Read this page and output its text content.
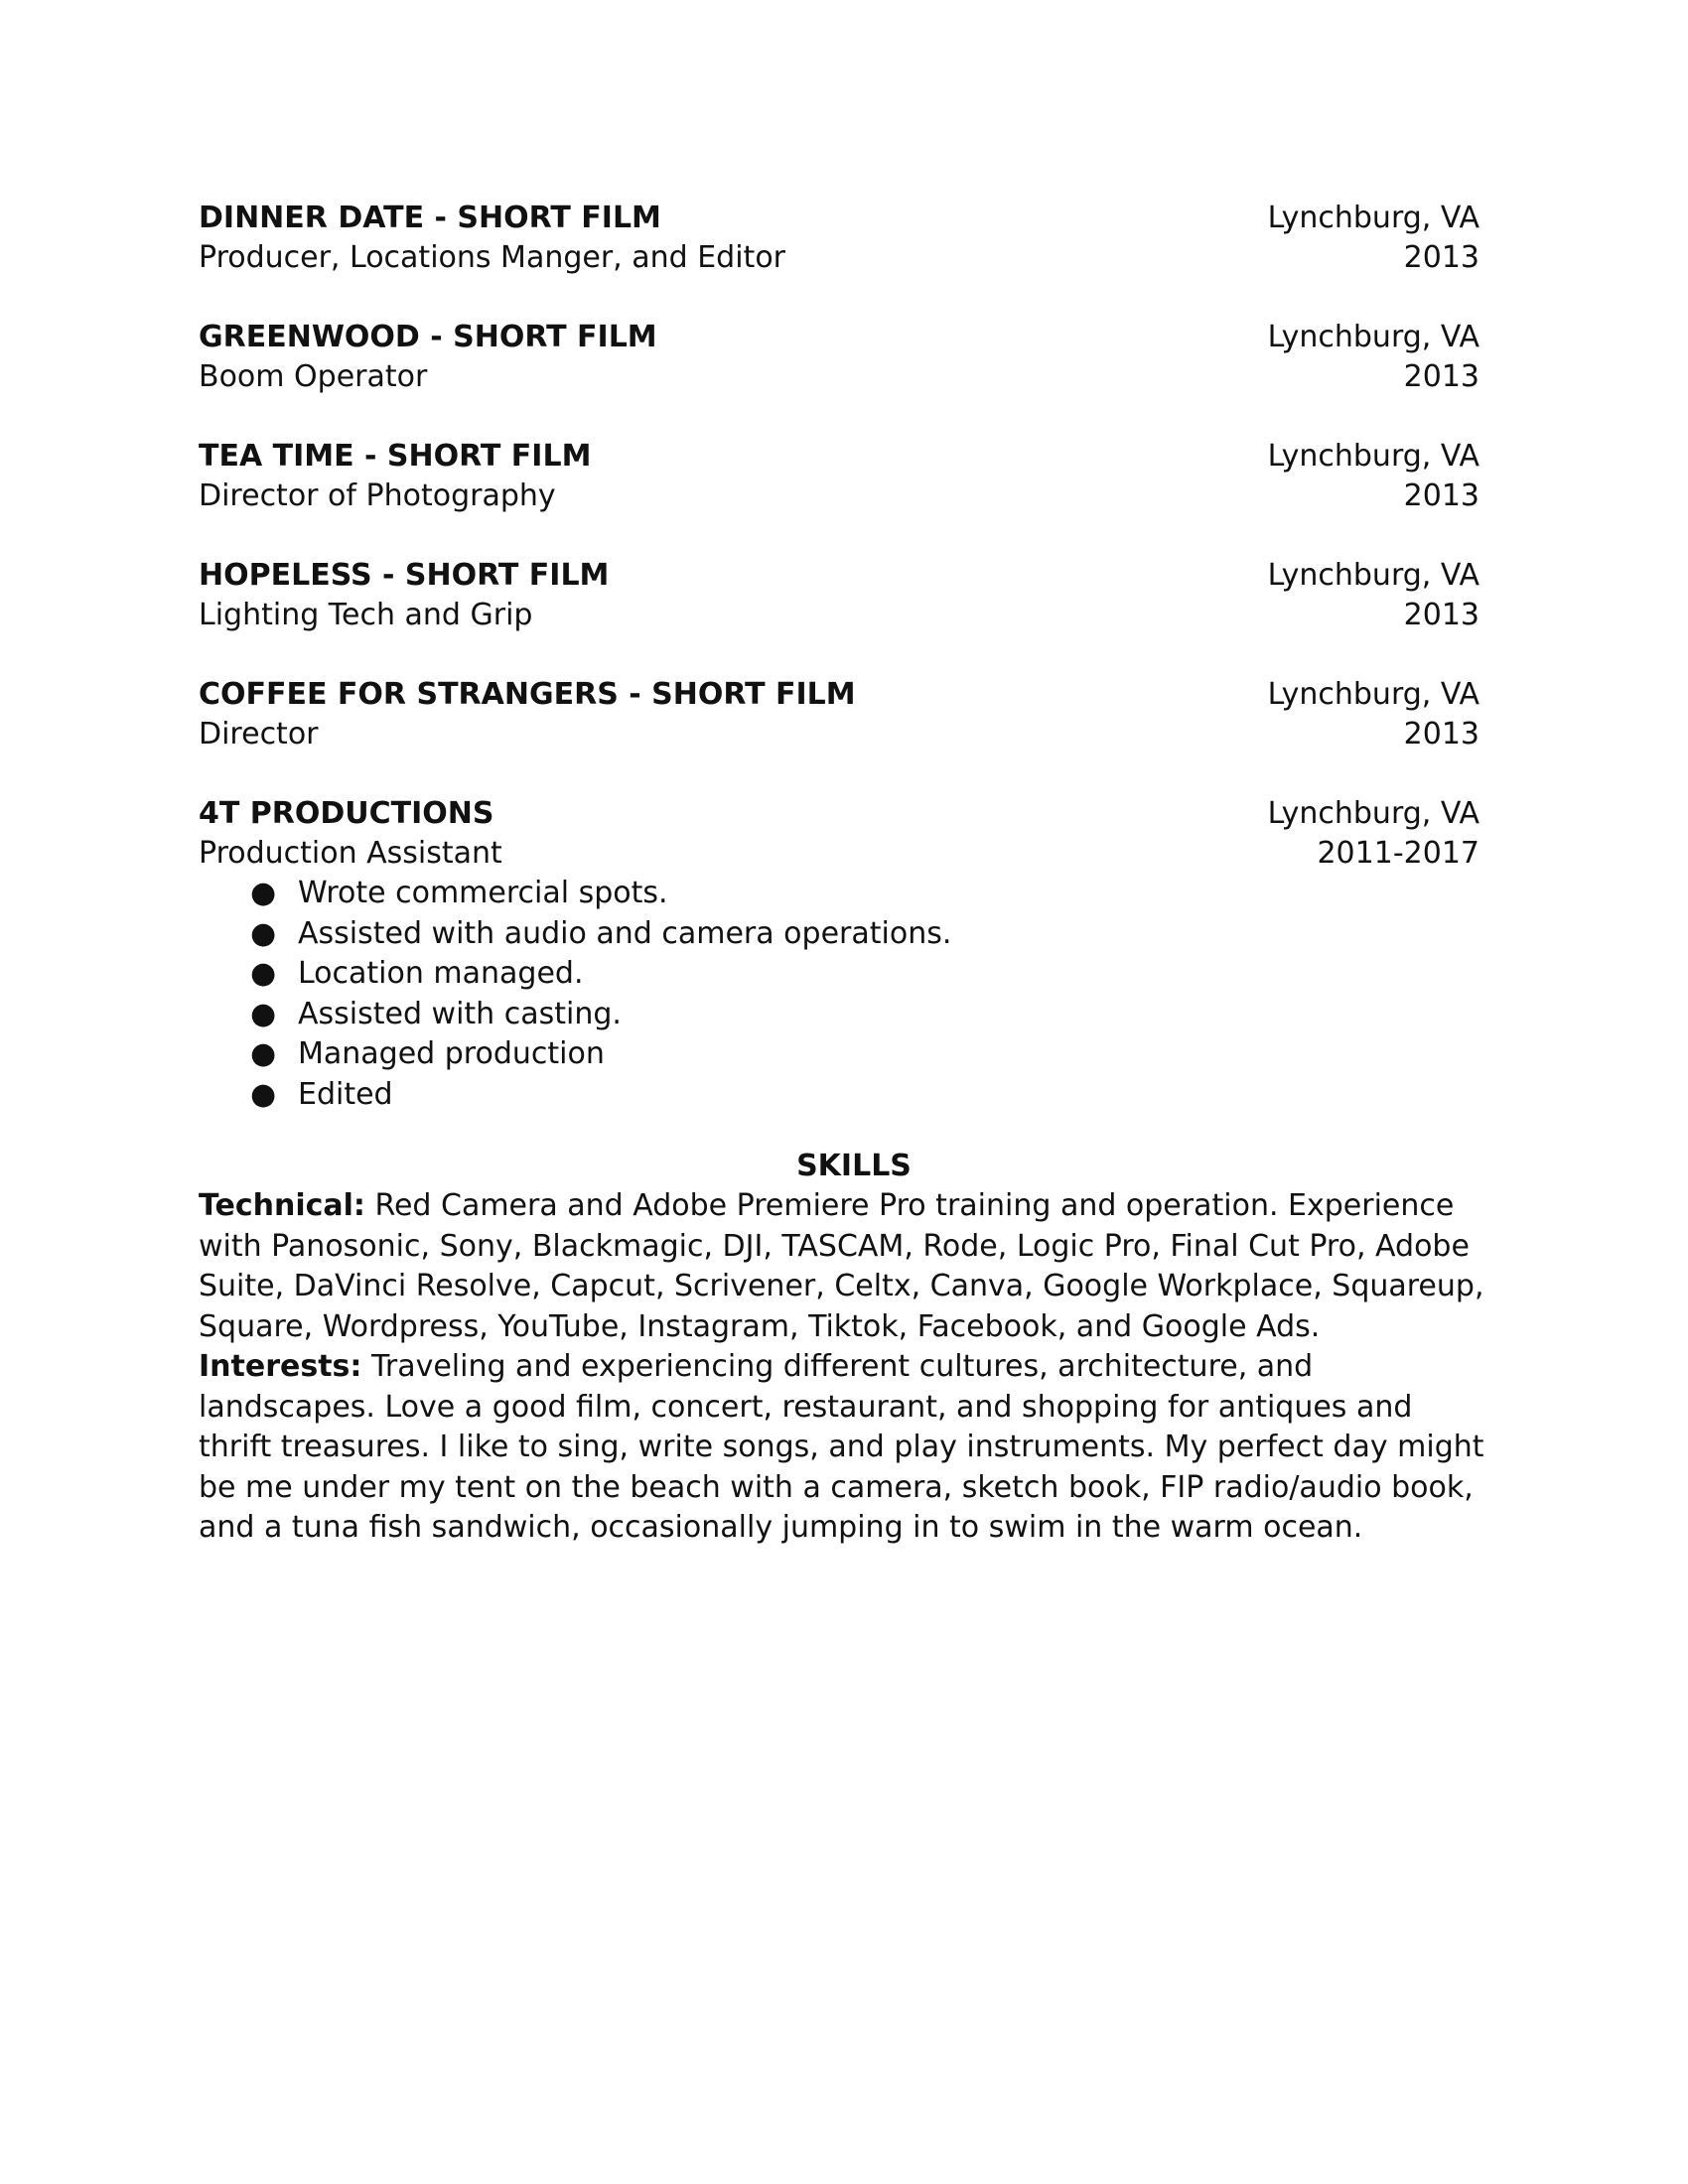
DINNER DATE - SHORT FILM	Lynchburg, VA
Producer, Locations Manger, and Editor	2013
GREENWOOD - SHORT FILM	Lynchburg, VA
Boom Operator	2013
TEA TIME - SHORT FILM	Lynchburg, VA
Director of Photography	2013
HOPELESS - SHORT FILM	Lynchburg, VA
Lighting Tech and Grip	2013
COFFEE FOR STRANGERS - SHORT FILM	Lynchburg, VA
Director	2013
4T PRODUCTIONS	Lynchburg, VA
Production Assistant	2011-2017
● Wrote commercial spots.
● Assisted with audio and camera operations.
● Location managed.
● Assisted with casting.
● Managed production
● Edited
SKILLS

Technical: Red Camera and Adobe Premiere Pro training and operation. Experience with Panosonic, Sony, Blackmagic, DJI, TASCAM, Rode, Logic Pro, Final Cut Pro, Adobe Suite, DaVinci Resolve, Capcut, Scrivener, Celtx, Canva, Google Workplace, Squareup, Square, Wordpress, YouTube, Instagram, Tiktok, Facebook, and Google Ads.

Interests: Traveling and experiencing different cultures, architecture, and landscapes. Love a good film, concert, restaurant, and shopping for antiques and thrift treasures. I like to sing, write songs, and play instruments. My perfect day might be me under my tent on the beach with a camera, sketch book, FIP radio/audio book, and a tuna fish sandwich, occasionally jumping in to swim in the warm ocean.
